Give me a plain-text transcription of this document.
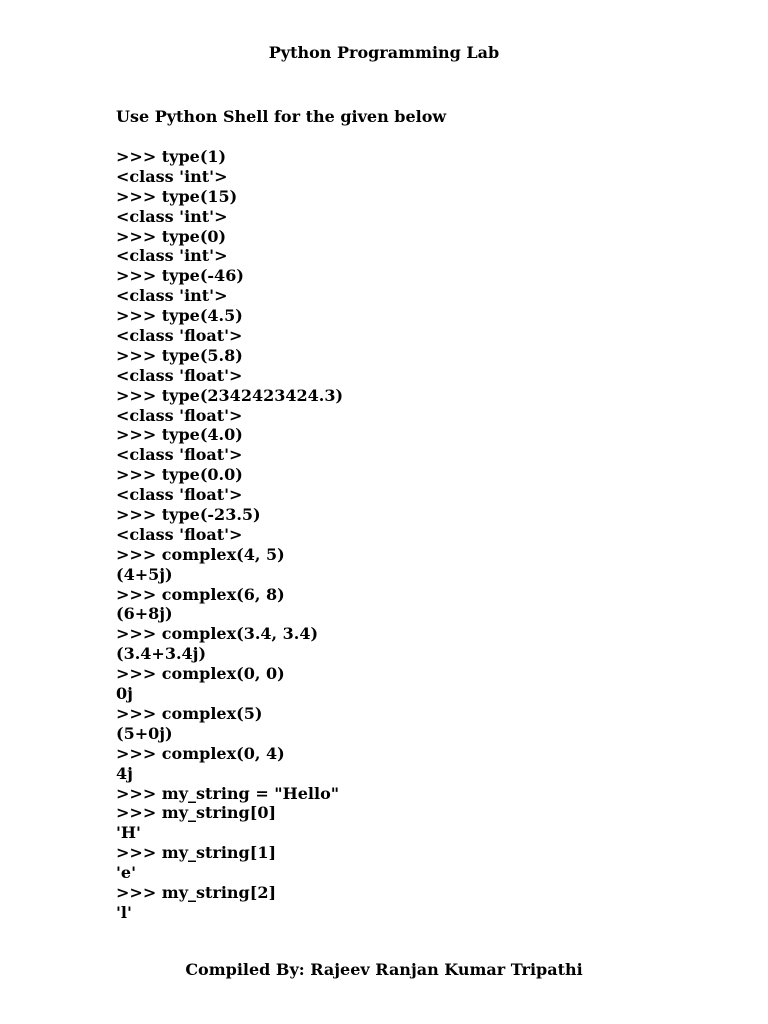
Python Programming Lab
Use Python Shell for the given below
>>> type(1)
<class 'int'>
>>> type(15)
<class 'int'>
>>> type(0)
<class 'int'>
>>> type(-46)
<class 'int'>
>>> type(4.5)
<class 'float'>
>>> type(5.8)
<class 'float'>
>>> type(2342423424.3)
<class 'float'>
>>> type(4.0)
<class 'float'>
>>> type(0.0)
<class 'float'>
>>> type(-23.5)
<class 'float'>
>>> complex(4, 5)
(4+5j)
>>> complex(6, 8)
(6+8j)
>>> complex(3.4, 3.4)
(3.4+3.4j)
>>> complex(0, 0)
0j
>>> complex(5)
(5+0j)
>>> complex(0, 4)
4j
>>> my_string = "Hello"
>>> my_string[0]
'H'
>>> my_string[1]
'e'
>>> my_string[2]
'l'
Compiled By: Rajeev Ranjan Kumar Tripathi
